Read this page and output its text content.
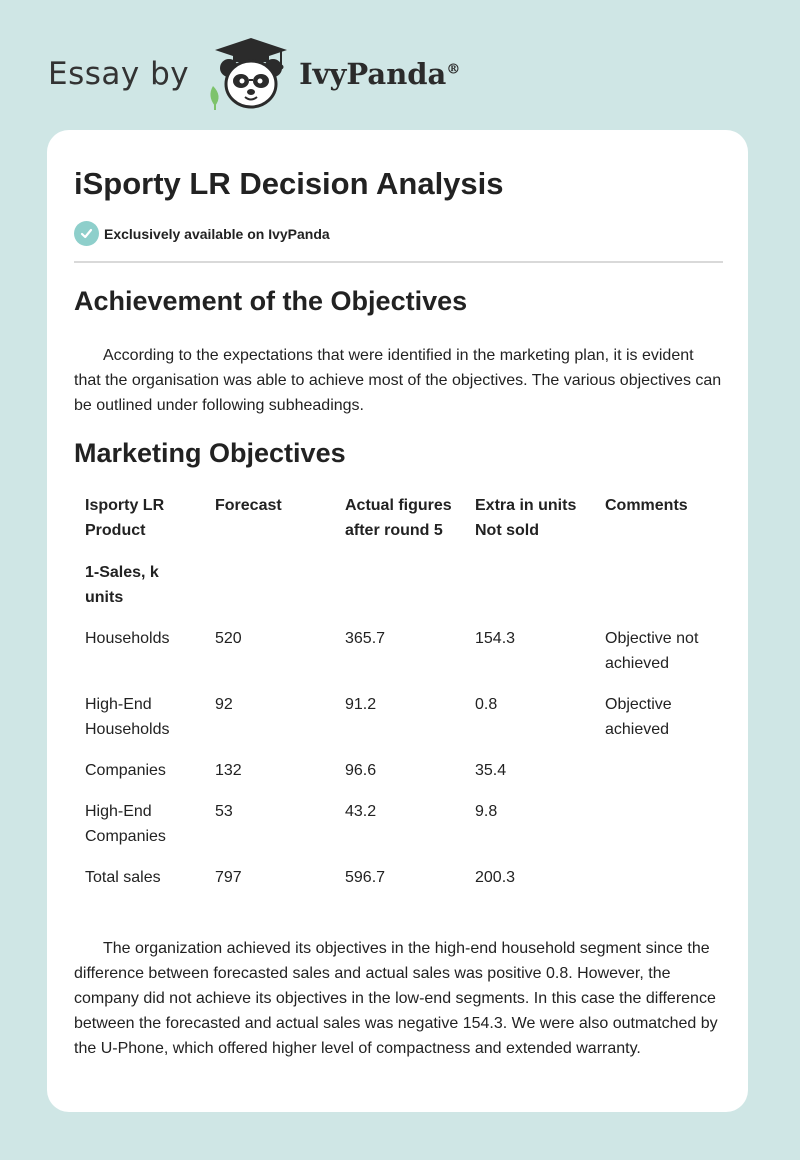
Essay by	IvyPanda®
iSporty LR Decision Analysis
Exclusively available on IvyPanda
Achievement of the Objectives

According to the expectations that were identified in the marketing plan, it is evident that the organisation was able to achieve most of the objectives. The various objectives can be outlined under following subheadings.

Marketing Objectives
Isporty LR Product	Forecast	Actual figures after round 5	Extra in units Not sold	Comments
1-Sales, k units				
Households	520	365.7	154.3	Objective not achieved
High-End Households	92	91.2	0.8	Objective achieved
Companies	132	96.6	35.4	
High-End Companies	53	43.2	9.8	
Total sales	797	596.7	200.3	

The organization achieved its objectives in the high-end household segment since the difference between forecasted sales and actual sales was positive 0.8. However, the company did not achieve its objectives in the low-end segments. In this case the difference between the forecasted and actual sales was negative 154.3. We were also outmatched by the U-Phone, which offered higher level of compactness and extended warranty.
